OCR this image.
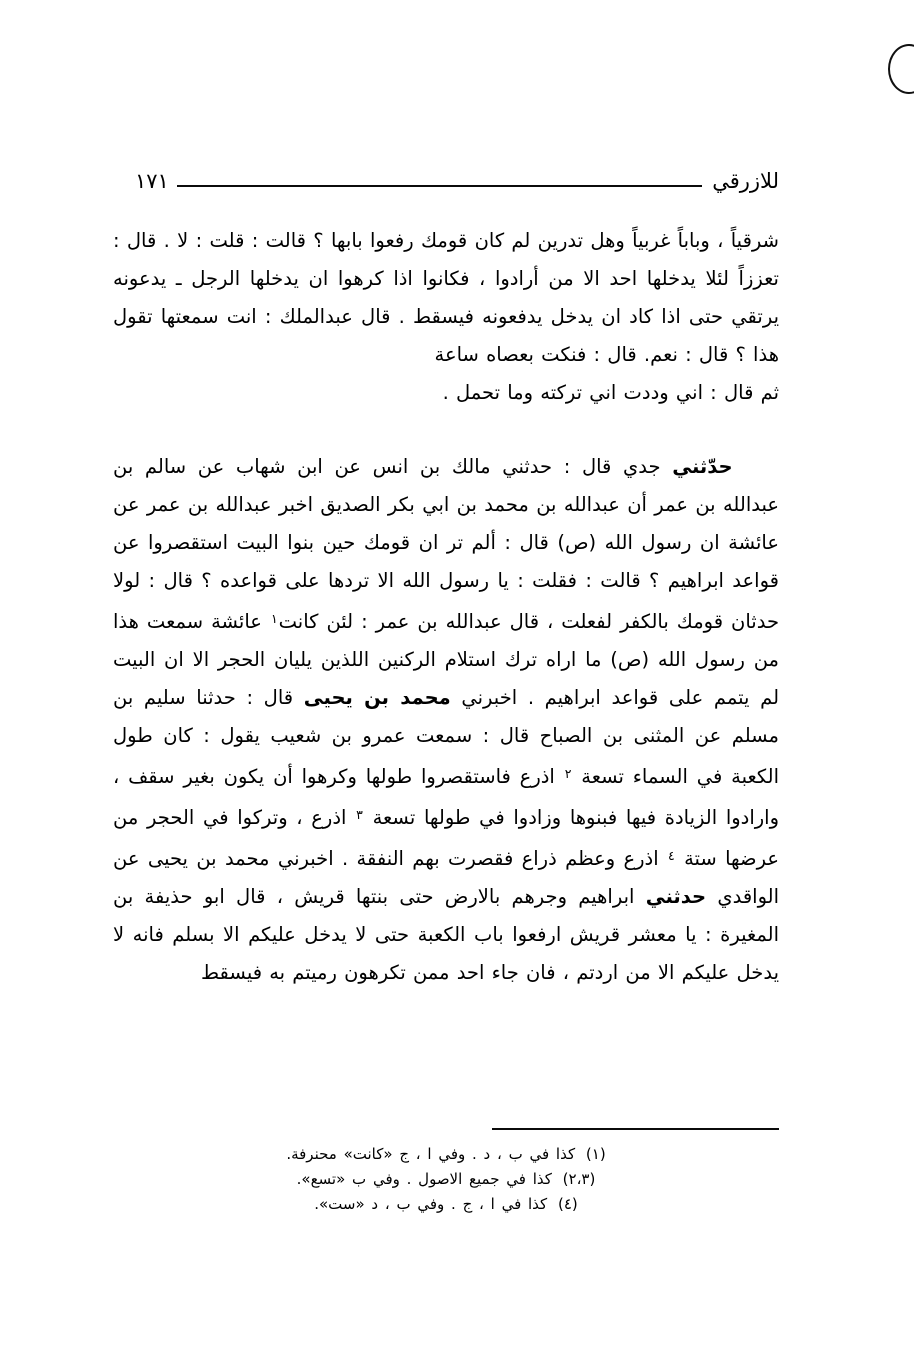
للازرقي
١٧١

شرقياً ، وباباً غربياً وهل تدرين لم كان قومك رفعوا بابها ؟ قالت : قلت : لا . قال : تعززاً لئلا يدخلها احد الا من أرادوا ، فكانوا اذا كرهوا ان يدخلها الرجل ـ يدعونه يرتقي حتى اذا كاد ان يدخل يدفعونه فيسقط . قال عبدالملك : انت سمعتها تقول هذا ؟ قال : نعم. قال : فنكت بعصاه ساعة
ثم قال : اني وددت اني تركته وما تحمل .

حدّثني جدي قال : حدثني مالك بن انس عن ابن شهاب عن سالم بن عبدالله بن عمر أن عبدالله بن محمد بن ابي بكر الصديق اخبر عبدالله بن عمر عن عائشة ان رسول الله (ص) قال : ألم تر ان قومك حين بنوا البيت استقصروا عن قواعد ابراهيم ؟ قالت : فقلت : يا رسول الله الا تردها على قواعده ؟ قال : لولا حدثان قومك بالكفر لفعلت ، قال عبدالله بن عمر : لئن كانت$^١$ عائشة سمعت هذا من رسول الله (ص) ما اراه ترك استلام الركنين اللذين يليان الحجر الا ان البيت لم يتمم على قواعد ابراهيم . اخبرني محمد بن يحيى قال : حدثنا سليم بن مسلم عن المثنى بن الصباح قال : سمعت عمرو بن شعيب يقول : كان طول الكعبة في السماء تسعة $^٢$ اذرع فاستقصروا طولها وكرهوا أن يكون بغير سقف ، وارادوا الزيادة فيها فبنوها وزادوا في طولها تسعة $^٣$ اذرع ، وتركوا في الحجر من عرضها ستة $^٤$ اذرع وعظم ذراع فقصرت بهم النفقة . اخبرني محمد بن يحيى عن الواقدي حدثني ابراهيم وجرهم بالارض حتى بنتها قريش ، قال ابو حذيفة بن المغيرة : يا معشر قريش ارفعوا باب الكعبة حتى لا يدخل عليكم الا بسلم فانه لا يدخل عليكم الا من اردتم ، فان جاء احد ممن تكرهون رميتم به فيسقط

(١) كذا في ب ، د . وفي ا ، ج «كانت» محنرفة.
(٢،٣) كذا في جميع الاصول . وفي ب «تسع».
(٤) كذا في ا ، ج . وفي ب ، د «ست».
